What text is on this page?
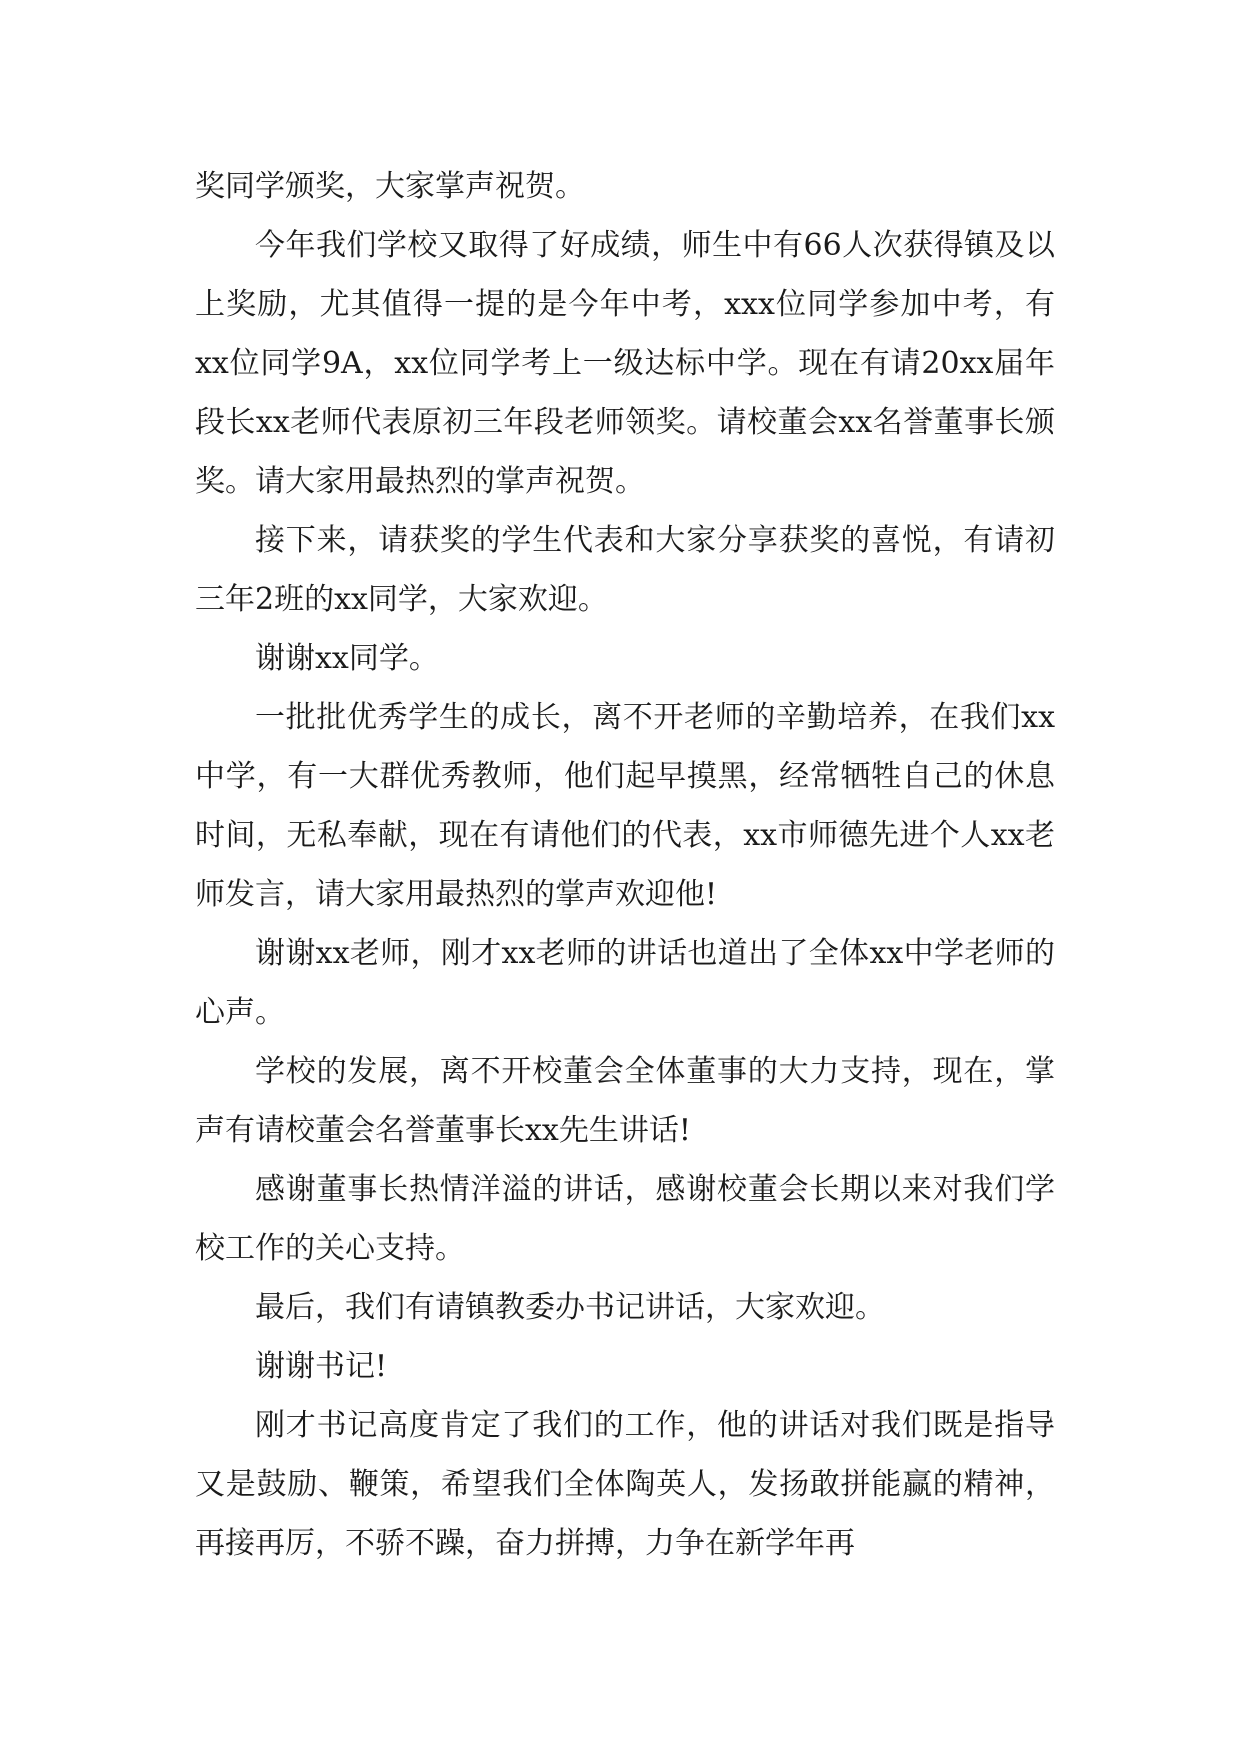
奖同学颁奖，大家掌声祝贺。

今年我们学校又取得了好成绩，师生中有66人次获得镇及以上奖励，尤其值得一提的是今年中考，xxx位同学参加中考，有xx位同学9A，xx位同学考上一级达标中学。现在有请20xx届年段长xx老师代表原初三年段老师领奖。请校董会xx名誉董事长颁奖。请大家用最热烈的掌声祝贺。

接下来，请获奖的学生代表和大家分享获奖的喜悦，有请初三年2班的xx同学，大家欢迎。

谢谢xx同学。

一批批优秀学生的成长，离不开老师的辛勤培养，在我们xx中学，有一大群优秀教师，他们起早摸黑，经常牺牲自己的休息时间，无私奉献，现在有请他们的代表，xx市师德先进个人xx老师发言，请大家用最热烈的掌声欢迎他!

谢谢xx老师，刚才xx老师的讲话也道出了全体xx中学老师的心声。

学校的发展，离不开校董会全体董事的大力支持，现在，掌声有请校董会名誉董事长xx先生讲话!

感谢董事长热情洋溢的讲话，感谢校董会长期以来对我们学校工作的关心支持。

最后，我们有请镇教委办书记讲话，大家欢迎。

谢谢书记!

刚才书记高度肯定了我们的工作，他的讲话对我们既是指导又是鼓励、鞭策，希望我们全体陶英人，发扬敢拼能赢的精神，再接再厉，不骄不躁，奋力拼搏，力争在新学年再
